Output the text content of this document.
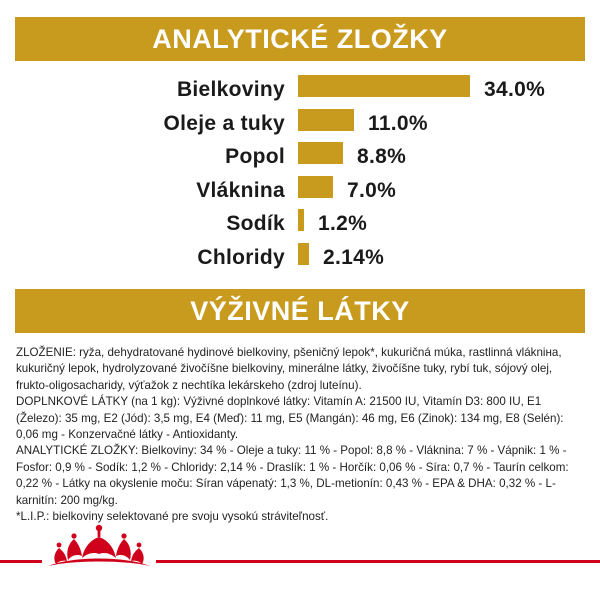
ANALYTICKÉ ZLOŽKY
Bielkoviny	34.0%
Oleje a tuky	11.0%
Popol	8.8%
Vláknina	7.0%
Sodík 1.2%
Chloridy 2.14%
VÝŽIVNÉ LÁTKY

ZLOŽENIE: ryža, dehydratované hydinové bielkoviny, pšeničný lepok*, kukuričná múka, rastlinná vlákniна, kukuričný lepok, hydrolyzované živočíšne bielkoviny, minerálne látky, živočíšne tuky, rybí tuk, sójový olej, frukto-oligosacharidy, výťažok z nechtíka lekárskeho (zdroj luteínu).

DOPLNKOVÉ LÁTKY (na 1 kg): Výživné doplnkové látky: Vitamín A: 21500 IU, Vitamín D3: 800 IU, E1 (Železo): 35 mg, E2 (Jód): 3,5 mg, E4 (Meď): 11 mg, E5 (Mangán): 46 mg, E6 (Zinok): 134 mg, E8 (Selén): 0,06 mg - Konzervačné látky - Antioxidanty.

ANALYTICKÉ ZLOŽKY: Bielkoviny: 34 % - Oleje a tuky: 11 % - Popol: 8,8 % - Vláknina: 7 % - Vápnik: 1 % - Fosfor: 0,9 % - Sodík: 1,2 % - Chloridy: 2,14 % - Draslík: 1 % - Horčík: 0,06 % - Síra: 0,7 % - Taurín celkom: 0,22 % - Látky na okyslenie moču: Síran vápenatý: 1,3 %, DL-metionín: 0,43 % - EPA & DHA: 0,32 % - L-karnitín: 200 mg/kg.

*L.I.P.: bielkoviny selektované pre svoju vysokú stráviteľnosť.
